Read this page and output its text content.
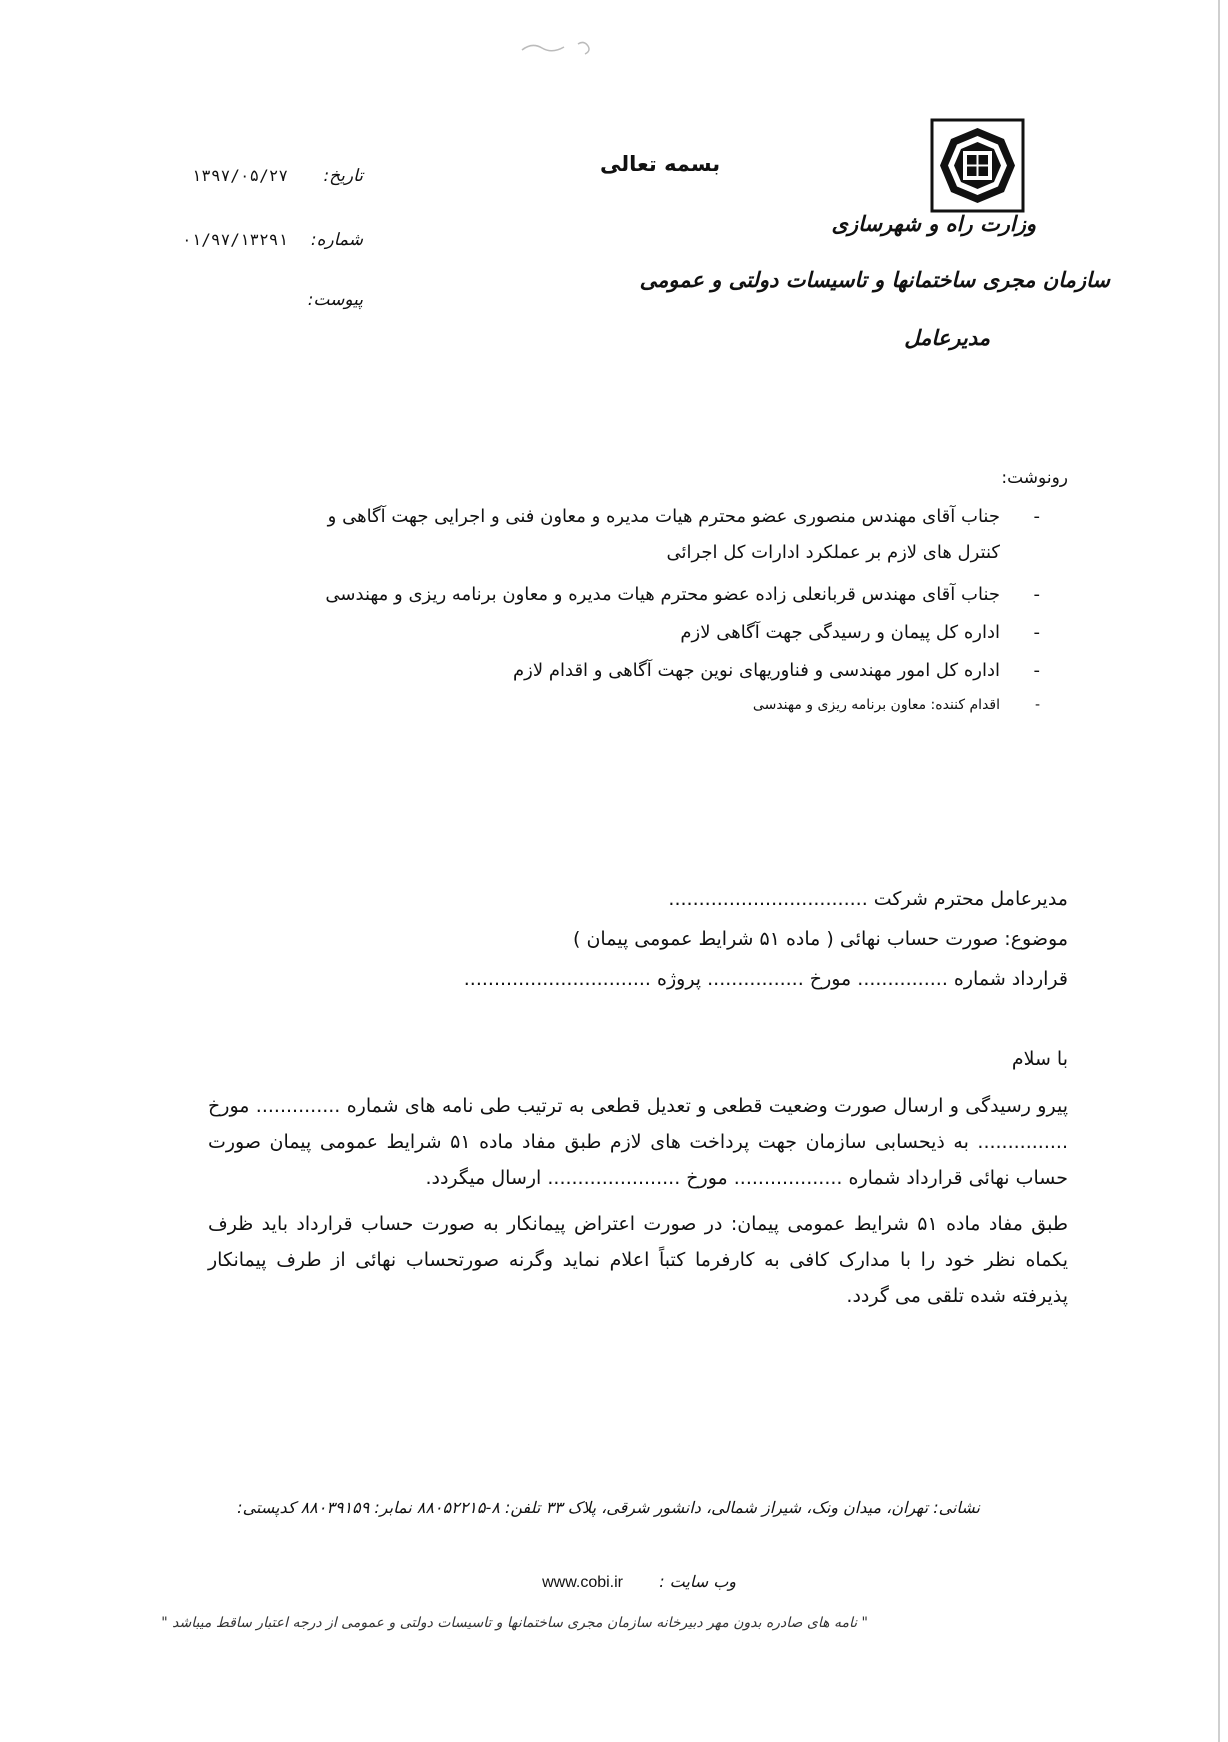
بسمه تعالی
وزارت راه و شهرسازی
سازمان مجری ساختمانها و تاسیسات دولتی و عمومی
مدیرعامل
تاریخ:
۱۳۹۷/۰۵/۲۷
شماره:
۰۱/۹۷/۱۳۲۹۱
پیوست:
رونوشت:
-
جناب آقای مهندس منصوری عضو محترم هیات مدیره و معاون فنی و اجرایی جهت آگاهی و
کنترل های لازم بر عملکرد ادارات کل اجرائی
-
جناب آقای مهندس قربانعلی زاده عضو محترم هیات مدیره و معاون برنامه ریزی و مهندسی
-
اداره کل پیمان و رسیدگی جهت آگاهی لازم
-
اداره کل امور مهندسی و فناوریهای نوین جهت آگاهی و اقدام لازم
-
اقدام کننده: معاون برنامه ریزی و مهندسی
مدیرعامل محترم شرکت .................................
موضوع: صورت حساب نهائی ( ماده ۵۱ شرایط عمومی پیمان )
قرارداد شماره ............... مورخ ................ پروژه ...............................
با سلام
پیرو رسیدگی و ارسال صورت وضعیت قطعی و تعدیل قطعی به ترتیب طی نامه های شماره .............. مورخ ............... به ذیحسابی سازمان جهت پرداخت های لازم طبق مفاد ماده ۵۱ شرایط عمومی پیمان صورت حساب نهائی قرارداد شماره .................. مورخ ...................... ارسال میگردد.
طبق مفاد ماده ۵۱ شرایط عمومی پیمان: در صورت اعتراض پیمانکار به صورت حساب قرارداد باید ظرف یکماه نظر خود را با مدارک کافی به کارفرما کتباً اعلام نماید وگرنه صورتحساب نهائی از طرف پیمانکار پذیرفته شده تلقی می گردد.
نشانی: تهران، میدان ونک، شیراز شمالی، دانشور شرقی، پلاک ۳۳ تلفن: ۸-۸۸۰۵۲۲۱۵ نمابر: ۸۸۰۳۹۱۵۹ کدپستی:
وب سایت :
www.cobi.ir
" نامه های صادره بدون مهر دبیرخانه سازمان مجری ساختمانها و تاسیسات دولتی و عمومی از درجه اعتبار ساقط میباشد "
